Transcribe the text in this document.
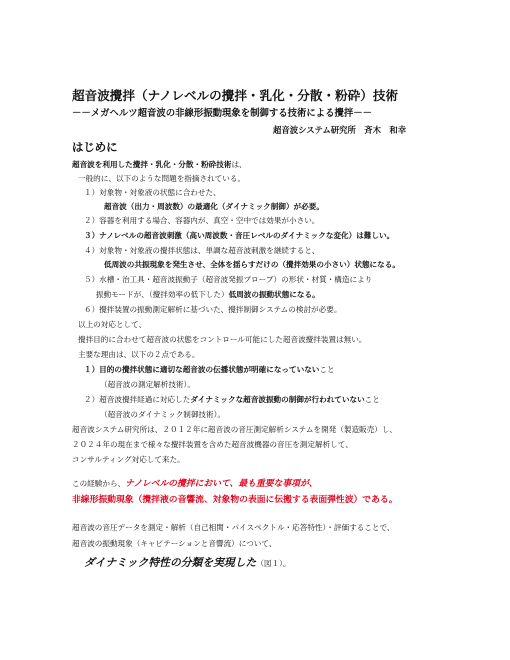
超音波攪拌（ナノレベルの攪拌・乳化・分散・粉砕）技術
－－メガヘルツ超音波の非線形振動現象を制御する技術による攪拌－－
超音波システム研究所　斉木　和幸
はじめに
超音波を利用した攪拌・乳化・分散・粉砕技術は、
一般的に、以下のような問題を指摘されている。
１）対象物・対象液の状態に合わせた、
超音波（出力・周波数）の最適化（ダイナミック制御）が必要。
２）容器を利用する場合、容器内が、真空・空中では効果が小さい。
３）ナノレベルの超音波刺激（高い周波数・音圧レベルのダイナミックな変化）は難しい。
４）対象物・対象液の攪拌状態は、単調な超音波刺激を継続すると、
低周波の共振現象を発生させ、全体を揺らすだけの（攪拌効果の小さい）状態になる。
５）水槽・治工具・超音波振動子（超音波発振プローブ）の形状・材質・構造により
振動モードが、（攪拌効率の低下した）低周波の振動状態になる。
６）攪拌装置の振動測定解析に基づいた、攪拌制御システムの検討が必要。
以上の対応として、
攪拌目的に合わせて超音波の状態をコントロール可能にした超音波攪拌装置は無い。
主要な理由は、以下の２点である。
１）目的の攪拌状態に適切な超音波の伝播状態が明確になっていないこと
（超音波の測定解析技術）。
２）超音波攪拌経過に対応したダイナミックな超音波振動の制御が行われていないこと
（超音波のダイナミック制御技術）。
超音波システム研究所は、２０１２年に超音波の音圧測定解析システムを開発（製造販売）し、
２０２４年の現在まで様々な攪拌装置を含めた超音波機器の音圧を測定解析して、
コンサルティング対応して来た。
この経験から、ナノレベルの攪拌において、最も重要な事項が、
非線形振動現象（攪拌液の音響流、対象物の表面に伝搬する表面弾性波）である。
超音波の音圧データを測定・解析（自己相関・パイスペクトル・応答特性）・評価することで、
超音波の振動現象（キャビテーションと音響流）について、
ダイナミック特性の分類を実現した（図１）。
